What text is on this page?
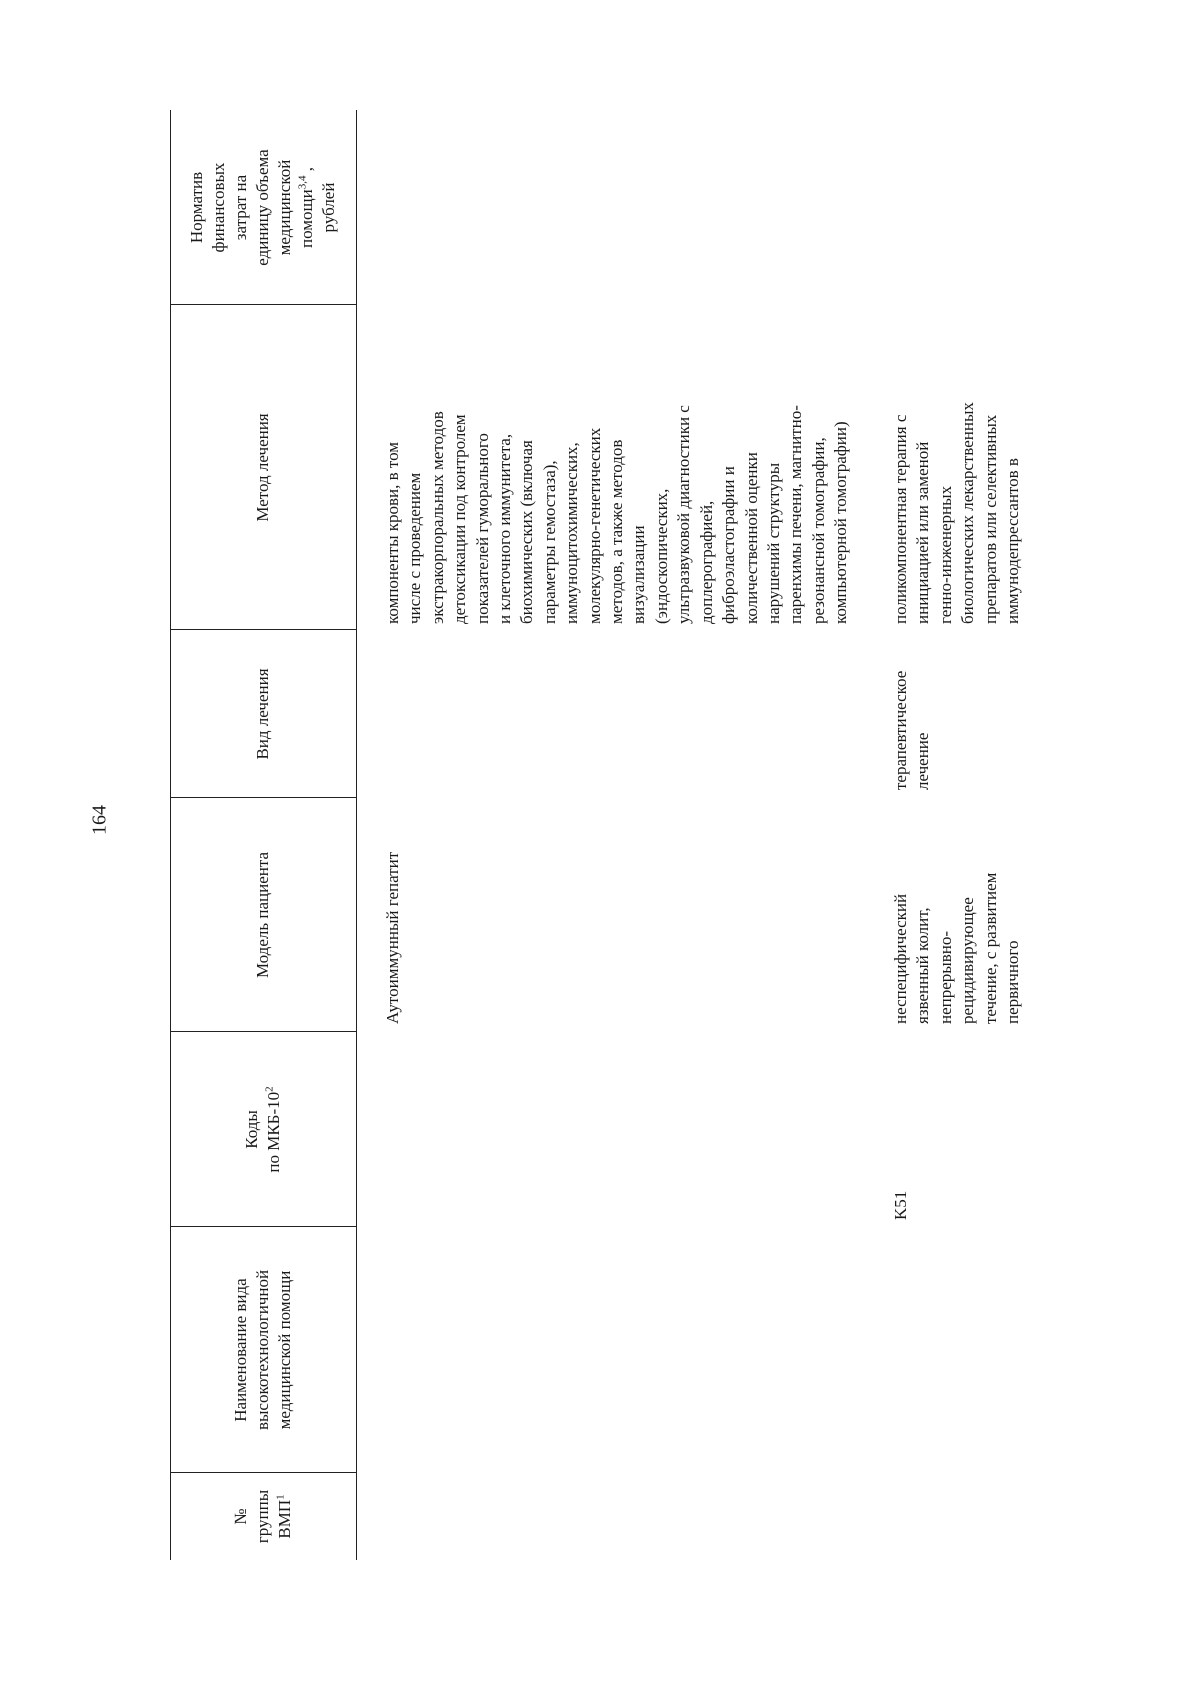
164
№
группы
ВМП$^1$
Наименование вида
высокотехнологичной
медицинской помощи
Коды
по МКБ-$10^2$
Модель пациента
Вид лечения
Метод лечения
Норматив
финансовых
затрат на
единицу объема
медицинской
помощи$^{3,4}$ ,
рублей
Аутоиммунный гепатит
компоненты крови, в том
числе с проведением
экстракорпоральных методов
детоксикации под контролем
показателей гуморального
и клеточного иммунитета,
биохимических (включая
параметры гемостаза),
иммуноцитохимических,
молекулярно-генетических
методов, а также методов
визуализации
(эндоскопических,
ультразвуковой диагностики с
доплерографией,
фиброэластографии и
количественной оценки
нарушений структуры
паренхимы печени, магнитно-
резонансной томографии,
компьютерной томографии)
K51
неспецифический
язвенный колит,
непрерывно-
рецидивирующее
течение, с развитием
первичного
терапевтическое
лечение
поликомпонентная терапия с
инициацией или заменой
генно-инженерных
биологических лекарственных
препаратов или селективных
иммунодепрессантов в
